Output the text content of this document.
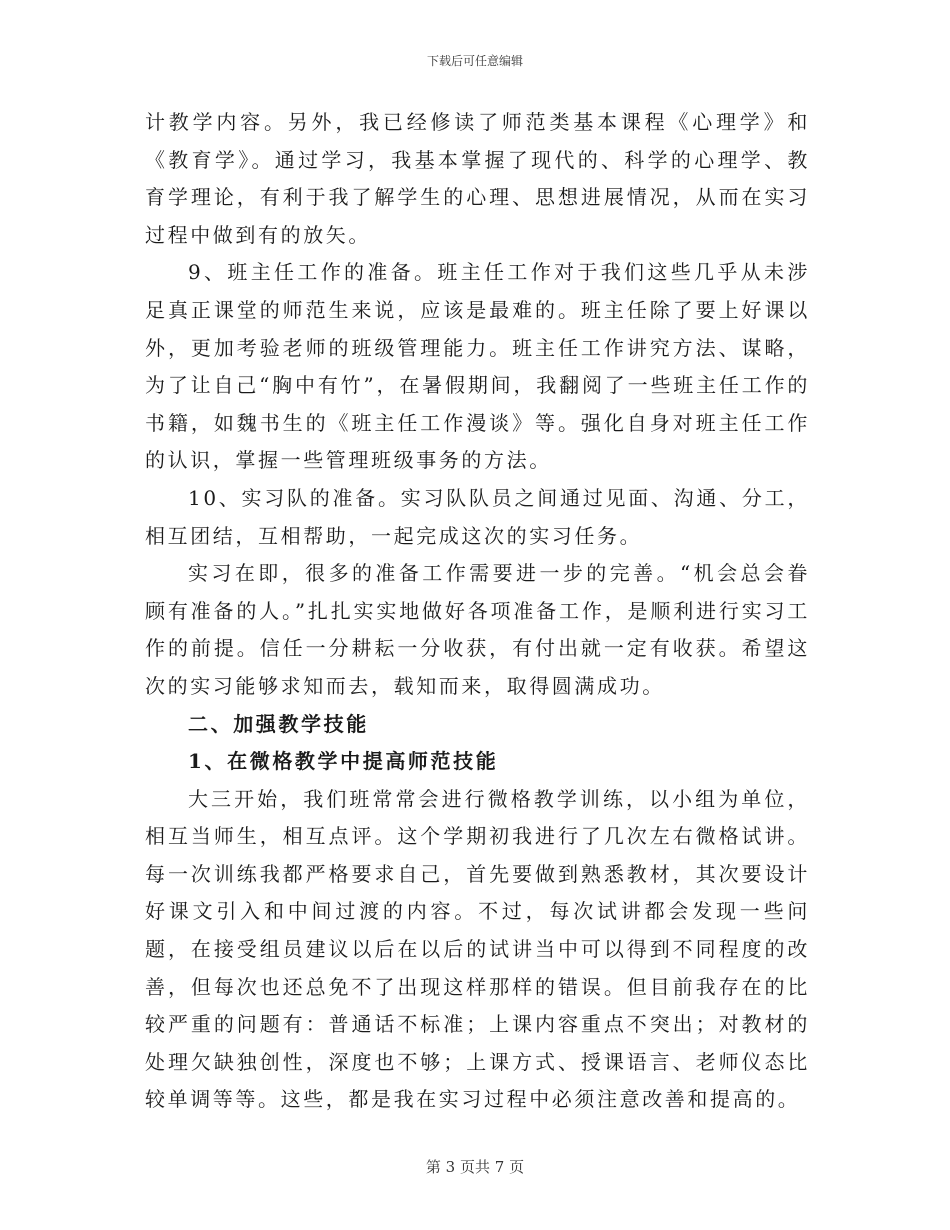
下载后可任意编辑

计教学内容。另外，我已经修读了师范类基本课程《心理学》和《教育学》。通过学习，我基本掌握了现代的、科学的心理学、教育学理论，有利于我了解学生的心理、思想进展情况，从而在实习过程中做到有的放矢。

9、班主任工作的准备。班主任工作对于我们这些几乎从未涉足真正课堂的师范生来说，应该是最难的。班主任除了要上好课以外，更加考验老师的班级管理能力。班主任工作讲究方法、谋略，为了让自己“胸中有竹”，在暑假期间，我翻阅了一些班主任工作的书籍，如魏书生的《班主任工作漫谈》等。强化自身对班主任工作的认识，掌握一些管理班级事务的方法。

10、实习队的准备。实习队队员之间通过见面、沟通、分工，相互团结，互相帮助，一起完成这次的实习任务。

实习在即，很多的准备工作需要进一步的完善。“机会总会眷顾有准备的人。”扎扎实实地做好各项准备工作，是顺利进行实习工作的前提。信任一分耕耘一分收获，有付出就一定有收获。希望这次的实习能够求知而去，载知而来，取得圆满成功。

二、加强教学技能

1、在微格教学中提高师范技能

大三开始，我们班常常会进行微格教学训练，以小组为单位，相互当师生，相互点评。这个学期初我进行了几次左右微格试讲。每一次训练我都严格要求自己，首先要做到熟悉教材，其次要设计好课文引入和中间过渡的内容。不过，每次试讲都会发现一些问题，在接受组员建议以后在以后的试讲当中可以得到不同程度的改善，但每次也还总免不了出现这样那样的错误。但目前我存在的比较严重的问题有：普通话不标准；上课内容重点不突出；对教材的处理欠缺独创性，深度也不够；上课方式、授课语言、老师仪态比较单调等等。这些，都是我在实习过程中必须注意改善和提高的。

第 3 页共 7 页
